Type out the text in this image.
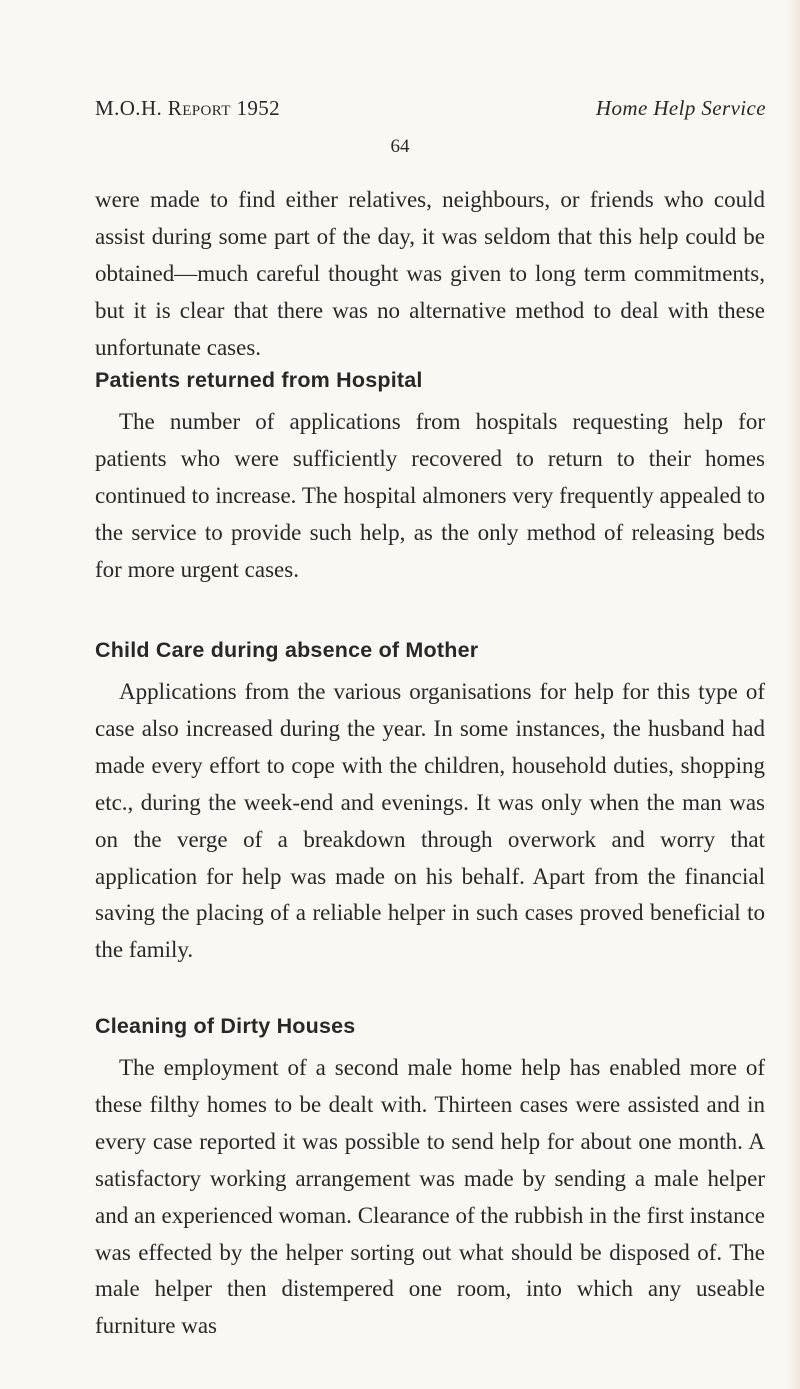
M.O.H. Report 1952	Home Help Service
64
were made to find either relatives, neighbours, or friends who could assist during some part of the day, it was seldom that this help could be obtained—much careful thought was given to long term commitments, but it is clear that there was no alternative method to deal with these unfortunate cases.
Patients returned from Hospital
The number of applications from hospitals requesting help for patients who were sufficiently recovered to return to their homes continued to increase. The hospital almoners very frequently appealed to the service to provide such help, as the only method of releasing beds for more urgent cases.
Child Care during absence of Mother
Applications from the various organisations for help for this type of case also increased during the year. In some instances, the husband had made every effort to cope with the children, household duties, shopping etc., during the week-end and evenings. It was only when the man was on the verge of a breakdown through overwork and worry that application for help was made on his behalf. Apart from the financial saving the placing of a reliable helper in such cases proved beneficial to the family.
Cleaning of Dirty Houses
The employment of a second male home help has enabled more of these filthy homes to be dealt with. Thirteen cases were assisted and in every case reported it was possible to send help for about one month. A satisfactory working arrangement was made by sending a male helper and an experienced woman. Clearance of the rubbish in the first instance was effected by the helper sorting out what should be disposed of. The male helper then distempered one room, into which any useable furniture was
